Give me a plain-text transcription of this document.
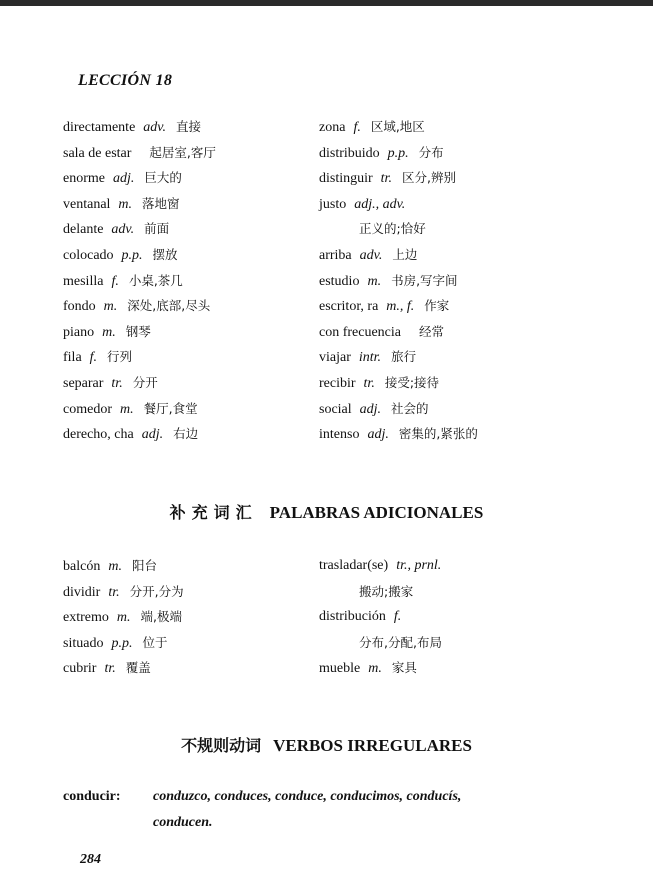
LECCIÓN 18
directamente adv. 直接
sala de estar 起居室,客厅
enorme adj. 巨大的
ventanal m. 落地窗
delante adv. 前面
colocado p.p. 摆放
mesilla f. 小桌,茶几
fondo m. 深处,底部,尽头
piano m. 钢琴
fila f. 行列
separar tr. 分开
comedor m. 餐厅,食堂
derecho, cha adj. 右边
zona f. 区域,地区
distribuido p.p. 分布
distinguir tr. 区分,辨别
justo adj., adv.
正义的;恰好
arriba adv. 上边
estudio m. 书房,写字间
escritor, ra m., f. 作家
con frecuencia 经常
viajar intr. 旅行
recibir tr. 接受;接待
social adj. 社会的
intenso adj. 密集的,紧张的
补充词汇 PALABRAS ADICIONALES
balcón m. 阳台
dividir tr. 分开,分为
extremo m. 端,极端
situado p.p. 位于
cubrir tr. 覆盖
trasladar(se) tr., prnl.
搬动;搬家
distribución f.
分布,分配,布局
mueble m. 家具
不规则动词 VERBOS IRREGULARES
conducir: conduzco, conduces, conduce, conducimos, conducís,
conducen.
284
